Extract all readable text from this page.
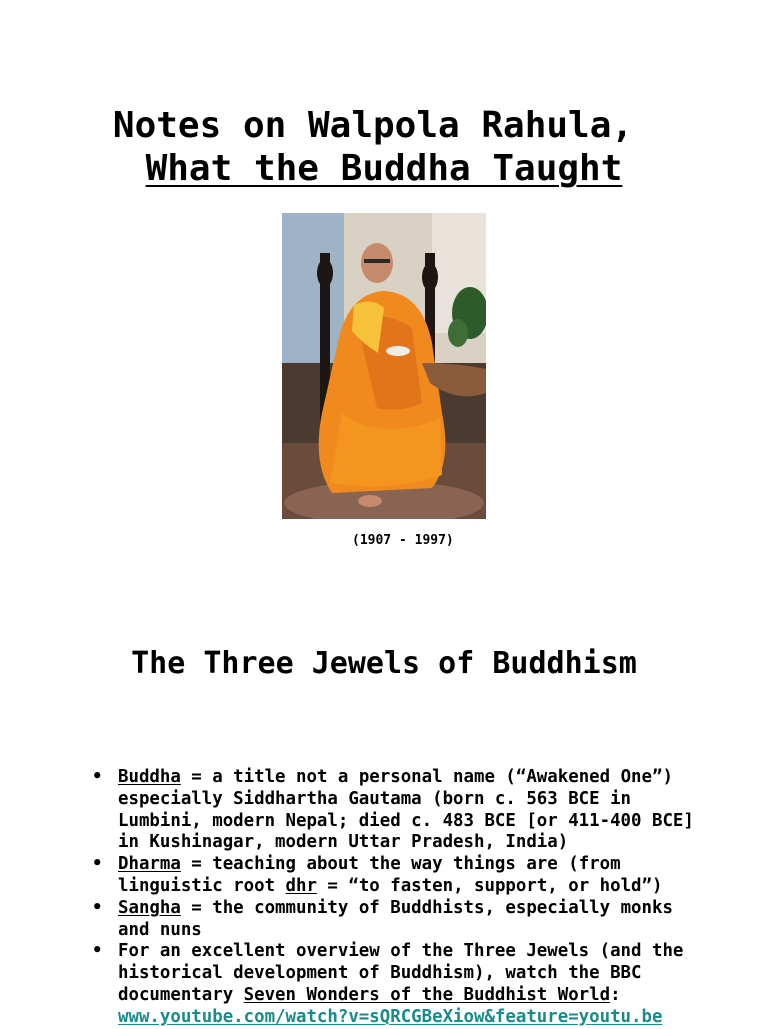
Notes on Walpola Rahula,
What the Buddha Taught
(1907 - 1997)
The Three Jewels of Buddhism
• Buddha = a title not a personal name (“Awakened One”) especially Siddhartha Gautama (born c. 563 BCE in Lumbini, modern Nepal; died c. 483 BCE [or 411-400 BCE] in Kushinagar, modern Uttar Pradesh, India)
• Dharma = teaching about the way things are (from linguistic root dhr = “to fasten, support, or hold”)
• Sangha = the community of Buddhists, especially monks and nuns
• For an excellent overview of the Three Jewels (and the historical development of Buddhism), watch the BBC documentary Seven Wonders of the Buddhist World: www.youtube.com/watch?v=sQRCGBeXiow&feature=youtu.be
